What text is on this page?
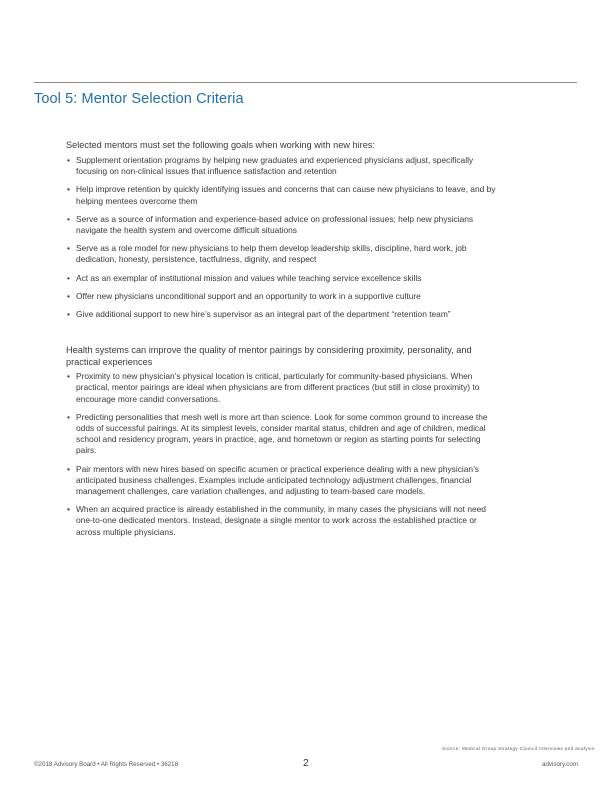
Tool 5: Mentor Selection Criteria

Selected mentors must set the following goals when working with new hires:

• Supplement orientation programs by helping new graduates and experienced physicians adjust, specifically focusing on non-clinical issues that influence satisfaction and retention
• Help improve retention by quickly identifying issues and concerns that can cause new physicians to leave, and by helping mentees overcome them
• Serve as a source of information and experience-based advice on professional issues; help new physicians navigate the health system and overcome difficult situations
• Serve as a role model for new physicians to help them develop leadership skills, discipline, hard work, job dedication, honesty, persistence, tactfulness, dignity, and respect
• Act as an exemplar of institutional mission and values while teaching service excellence skills
• Offer new physicians unconditional support and an opportunity to work in a supportive culture
• Give additional support to new hire’s supervisor as an integral part of the department “retention team”

Health systems can improve the quality of mentor pairings by considering proximity, personality, and practical experiences

• Proximity to new physician’s physical location is critical, particularly for community-based physicians. When practical, mentor pairings are ideal when physicians are from different practices (but still in close proximity) to encourage more candid conversations.
• Predicting personalities that mesh well is more art than science. Look for some common ground to increase the odds of successful pairings. At its simplest levels, consider marital status, children and age of children, medical school and residency program, years in practice, age, and hometown or region as starting points for selecting pairs.
• Pair mentors with new hires based on specific acumen or practical experience dealing with a new physician’s anticipated business challenges. Examples include anticipated technology adjustment challenges, financial management challenges, care variation challenges, and adjusting to team-based care models.
• When an acquired practice is already established in the community, in many cases the physicians will not need one-to-one dedicated mentors. Instead, designate a single mentor to work across the established practice or across multiple physicians.
Source: Medical Group Strategy Council interviews and analysis.
©2018 Advisory Board • All Rights Reserved • 36218	2	advisory.com
